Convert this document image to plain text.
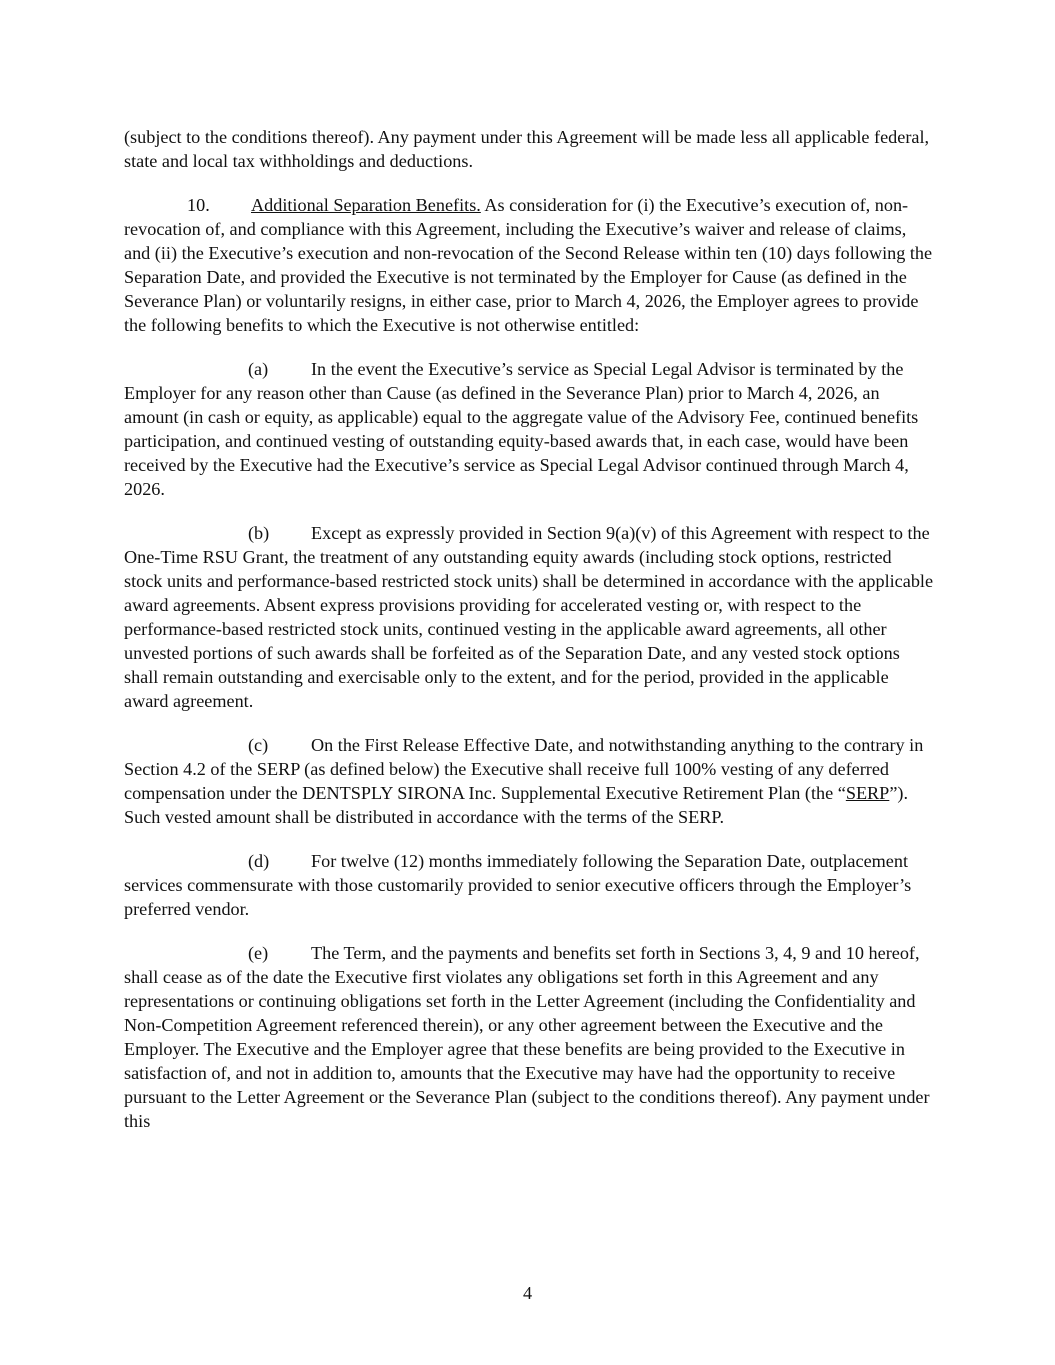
(subject to the conditions thereof). Any payment under this Agreement will be made less all applicable federal, state and local tax withholdings and deductions.

10. Additional Separation Benefits. As consideration for (i) the Executive’s execution of, non-revocation of, and compliance with this Agreement, including the Executive’s waiver and release of claims, and (ii) the Executive’s execution and non-revocation of the Second Release within ten (10) days following the Separation Date, and provided the Executive is not terminated by the Employer for Cause (as defined in the Severance Plan) or voluntarily resigns, in either case, prior to March 4, 2026, the Employer agrees to provide the following benefits to which the Executive is not otherwise entitled:

(a) In the event the Executive’s service as Special Legal Advisor is terminated by the Employer for any reason other than Cause (as defined in the Severance Plan) prior to March 4, 2026, an amount (in cash or equity, as applicable) equal to the aggregate value of the Advisory Fee, continued benefits participation, and continued vesting of outstanding equity-based awards that, in each case, would have been received by the Executive had the Executive’s service as Special Legal Advisor continued through March 4, 2026.

(b) Except as expressly provided in Section 9(a)(v) of this Agreement with respect to the One-Time RSU Grant, the treatment of any outstanding equity awards (including stock options, restricted stock units and performance-based restricted stock units) shall be determined in accordance with the applicable award agreements. Absent express provisions providing for accelerated vesting or, with respect to the performance-based restricted stock units, continued vesting in the applicable award agreements, all other unvested portions of such awards shall be forfeited as of the Separation Date, and any vested stock options shall remain outstanding and exercisable only to the extent, and for the period, provided in the applicable award agreement.

(c) On the First Release Effective Date, and notwithstanding anything to the contrary in Section 4.2 of the SERP (as defined below) the Executive shall receive full 100% vesting of any deferred compensation under the DENTSPLY SIRONA Inc. Supplemental Executive Retirement Plan (the “SERP”). Such vested amount shall be distributed in accordance with the terms of the SERP.

(d) For twelve (12) months immediately following the Separation Date, outplacement services commensurate with those customarily provided to senior executive officers through the Employer’s preferred vendor.

(e) The Term, and the payments and benefits set forth in Sections 3, 4, 9 and 10 hereof, shall cease as of the date the Executive first violates any obligations set forth in this Agreement and any representations or continuing obligations set forth in the Letter Agreement (including the Confidentiality and Non-Competition Agreement referenced therein), or any other agreement between the Executive and the Employer. The Executive and the Employer agree that these benefits are being provided to the Executive in satisfaction of, and not in addition to, amounts that the Executive may have had the opportunity to receive pursuant to the Letter Agreement or the Severance Plan (subject to the conditions thereof). Any payment under this

4
